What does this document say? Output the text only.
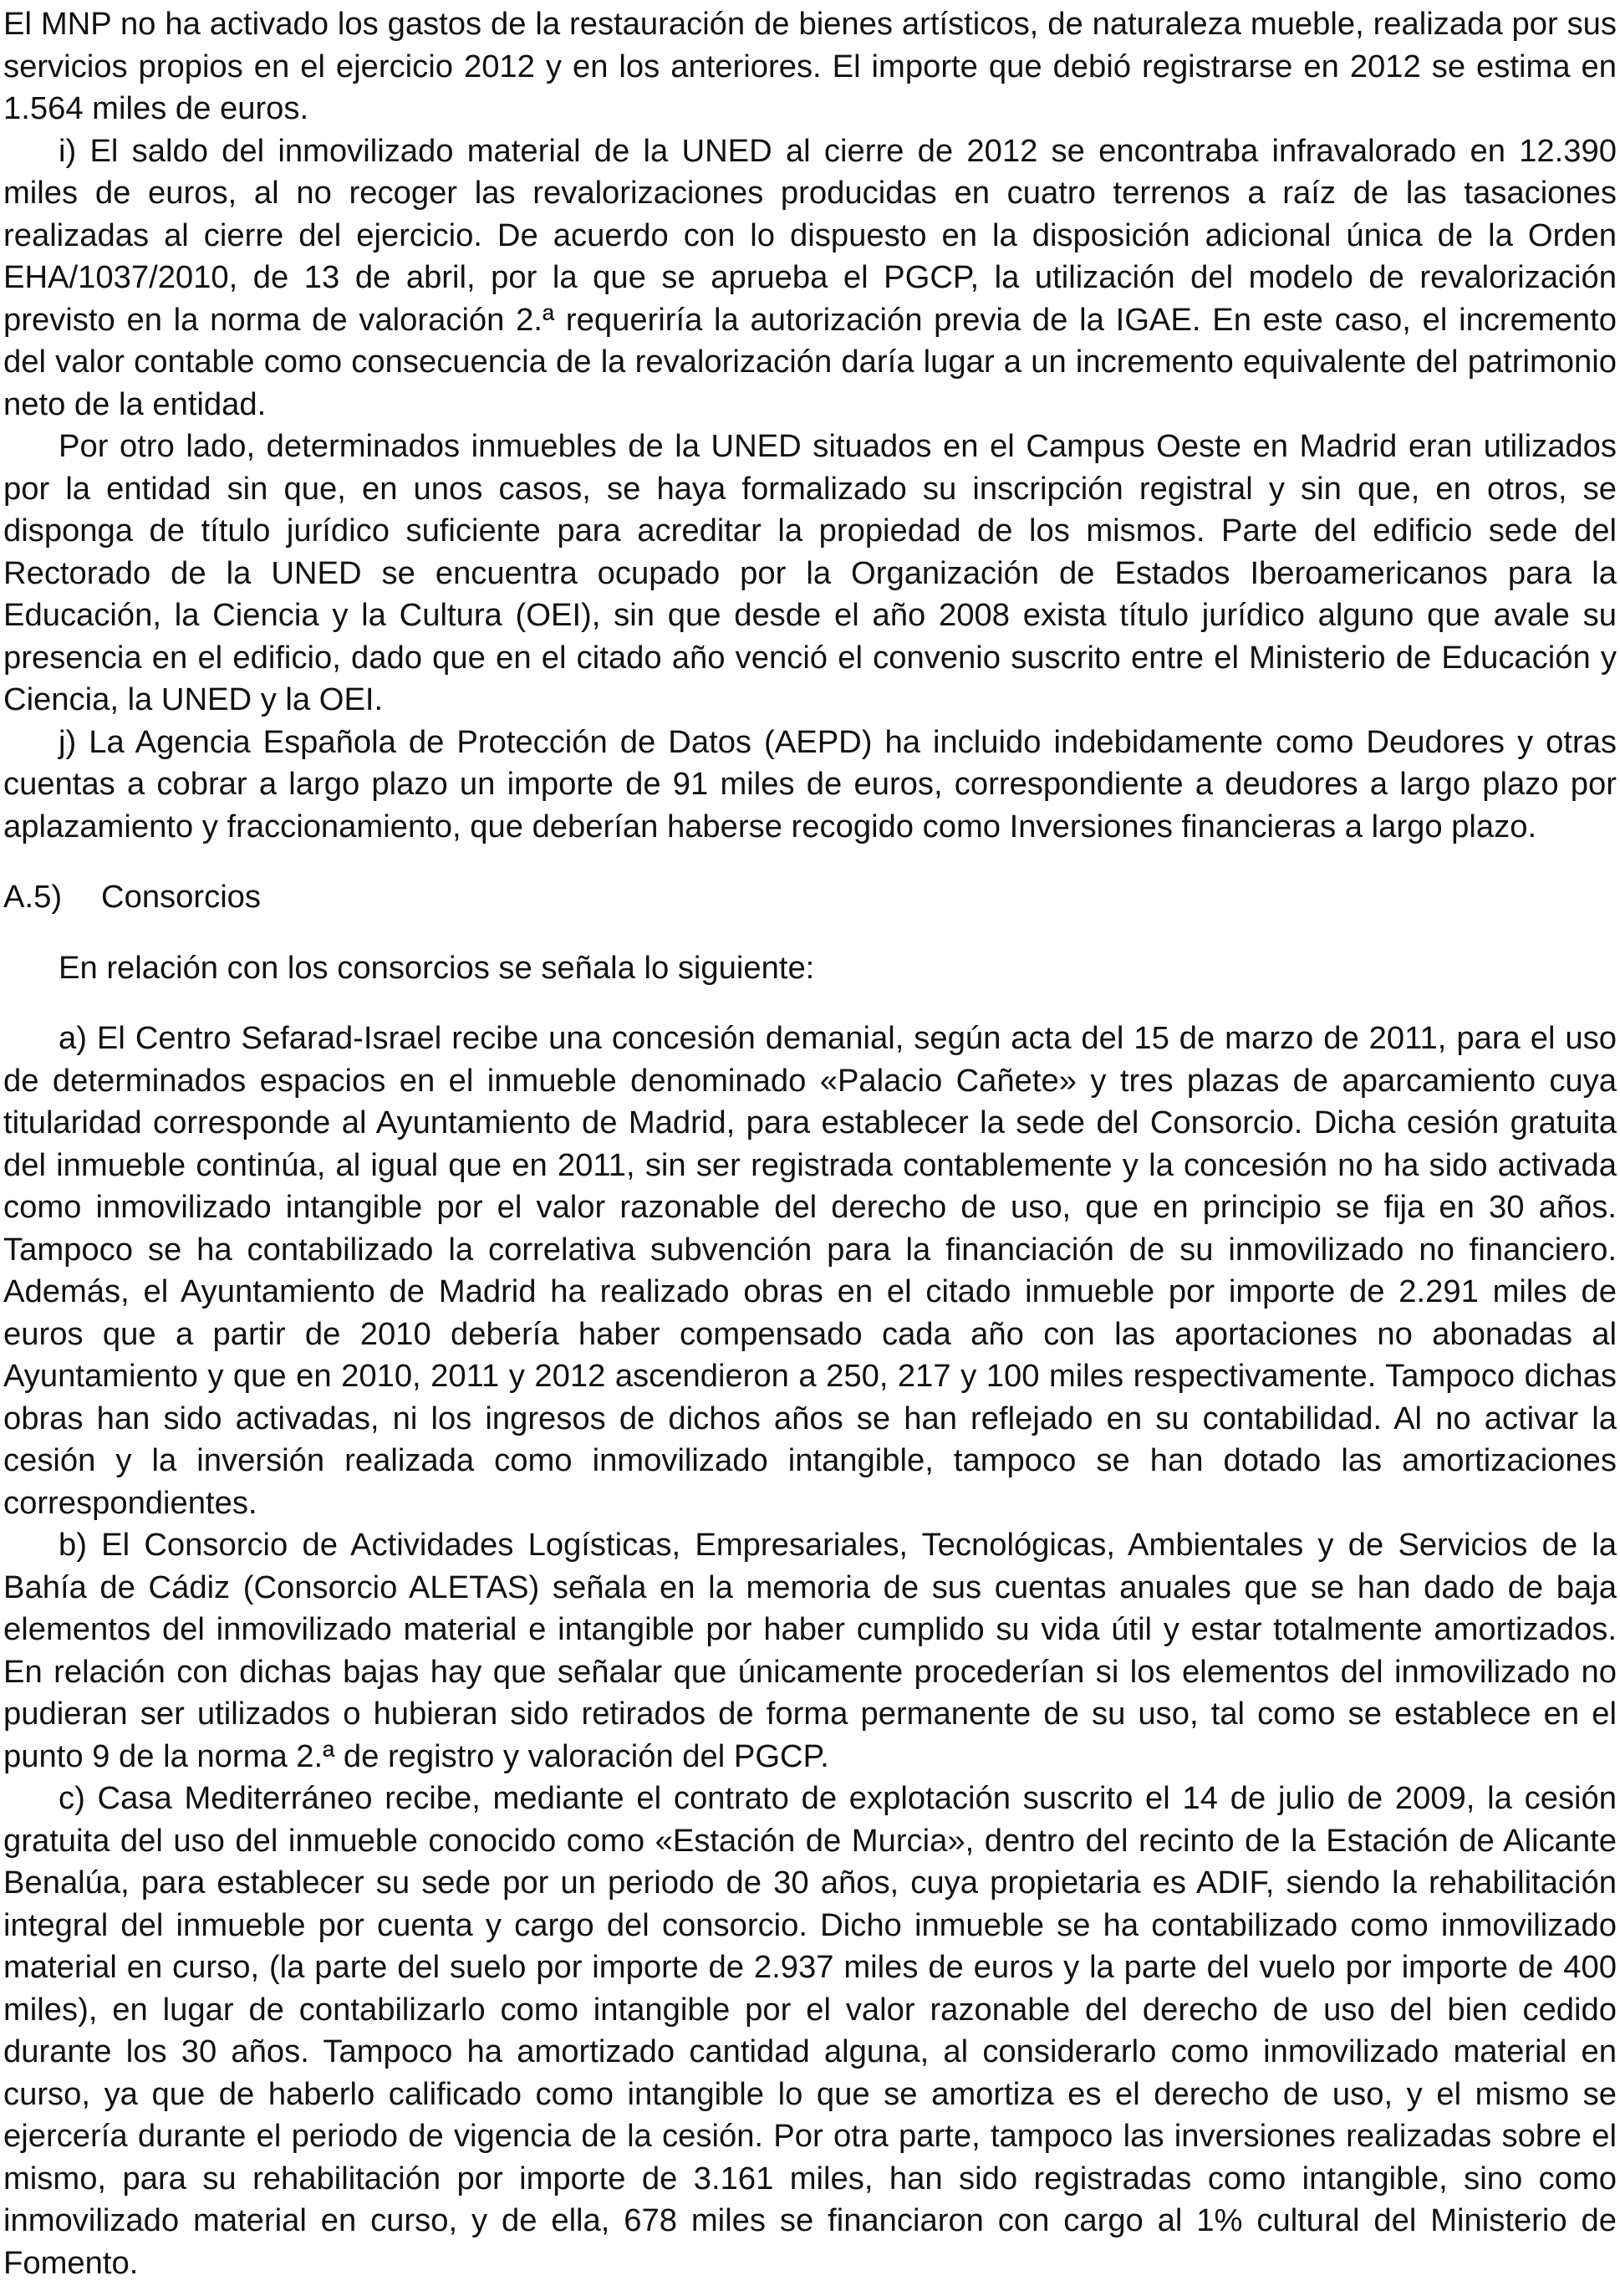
El MNP no ha activado los gastos de la restauración de bienes artísticos, de naturaleza mueble, realizada por sus servicios propios en el ejercicio 2012 y en los anteriores. El importe que debió registrarse en 2012 se estima en 1.564 miles de euros.

i) El saldo del inmovilizado material de la UNED al cierre de 2012 se encontraba infravalorado en 12.390 miles de euros, al no recoger las revalorizaciones producidas en cuatro terrenos a raíz de las tasaciones realizadas al cierre del ejercicio. De acuerdo con lo dispuesto en la disposición adicional única de la Orden EHA/1037/2010, de 13 de abril, por la que se aprueba el PGCP, la utilización del modelo de revalorización previsto en la norma de valoración 2.ª requeriría la autorización previa de la IGAE. En este caso, el incremento del valor contable como consecuencia de la revalorización daría lugar a un incremento equivalente del patrimonio neto de la entidad.

Por otro lado, determinados inmuebles de la UNED situados en el Campus Oeste en Madrid eran utilizados por la entidad sin que, en unos casos, se haya formalizado su inscripción registral y sin que, en otros, se disponga de título jurídico suficiente para acreditar la propiedad de los mismos. Parte del edificio sede del Rectorado de la UNED se encuentra ocupado por la Organización de Estados Iberoamericanos para la Educación, la Ciencia y la Cultura (OEI), sin que desde el año 2008 exista título jurídico alguno que avale su presencia en el edificio, dado que en el citado año venció el convenio suscrito entre el Ministerio de Educación y Ciencia, la UNED y la OEI.

j) La Agencia Española de Protección de Datos (AEPD) ha incluido indebidamente como Deudores y otras cuentas a cobrar a largo plazo un importe de 91 miles de euros, correspondiente a deudores a largo plazo por aplazamiento y fraccionamiento, que deberían haberse recogido como Inversiones financieras a largo plazo.

A.5) Consorcios

En relación con los consorcios se señala lo siguiente:

a) El Centro Sefarad-Israel recibe una concesión demanial, según acta del 15 de marzo de 2011, para el uso de determinados espacios en el inmueble denominado «Palacio Cañete» y tres plazas de aparcamiento cuya titularidad corresponde al Ayuntamiento de Madrid, para establecer la sede del Consorcio. Dicha cesión gratuita del inmueble continúa, al igual que en 2011, sin ser registrada contablemente y la concesión no ha sido activada como inmovilizado intangible por el valor razonable del derecho de uso, que en principio se fija en 30 años. Tampoco se ha contabilizado la correlativa subvención para la financiación de su inmovilizado no financiero. Además, el Ayuntamiento de Madrid ha realizado obras en el citado inmueble por importe de 2.291 miles de euros que a partir de 2010 debería haber compensado cada año con las aportaciones no abonadas al Ayuntamiento y que en 2010, 2011 y 2012 ascendieron a 250, 217 y 100 miles respectivamente. Tampoco dichas obras han sido activadas, ni los ingresos de dichos años se han reflejado en su contabilidad. Al no activar la cesión y la inversión realizada como inmovilizado intangible, tampoco se han dotado las amortizaciones correspondientes.

b) El Consorcio de Actividades Logísticas, Empresariales, Tecnológicas, Ambientales y de Servicios de la Bahía de Cádiz (Consorcio ALETAS) señala en la memoria de sus cuentas anuales que se han dado de baja elementos del inmovilizado material e intangible por haber cumplido su vida útil y estar totalmente amortizados. En relación con dichas bajas hay que señalar que únicamente procederían si los elementos del inmovilizado no pudieran ser utilizados o hubieran sido retirados de forma permanente de su uso, tal como se establece en el punto 9 de la norma 2.ª de registro y valoración del PGCP.

c) Casa Mediterráneo recibe, mediante el contrato de explotación suscrito el 14 de julio de 2009, la cesión gratuita del uso del inmueble conocido como «Estación de Murcia», dentro del recinto de la Estación de Alicante Benalúa, para establecer su sede por un periodo de 30 años, cuya propietaria es ADIF, siendo la rehabilitación integral del inmueble por cuenta y cargo del consorcio. Dicho inmueble se ha contabilizado como inmovilizado material en curso, (la parte del suelo por importe de 2.937 miles de euros y la parte del vuelo por importe de 400 miles), en lugar de contabilizarlo como intangible por el valor razonable del derecho de uso del bien cedido durante los 30 años. Tampoco ha amortizado cantidad alguna, al considerarlo como inmovilizado material en curso, ya que de haberlo calificado como intangible lo que se amortiza es el derecho de uso, y el mismo se ejercería durante el periodo de vigencia de la cesión. Por otra parte, tampoco las inversiones realizadas sobre el mismo, para su rehabilitación por importe de 3.161 miles, han sido registradas como intangible, sino como inmovilizado material en curso, y de ella, 678 miles se financiaron con cargo al 1% cultural del Ministerio de Fomento.
